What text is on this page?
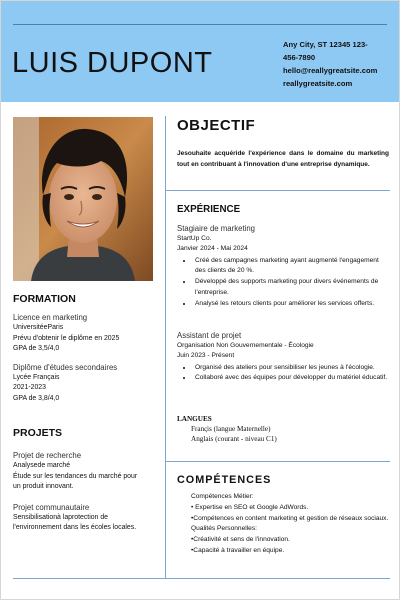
LUIS DUPONT
Any City, ST 12345 123-
456-7890
hello@reallygreatsite.com
reallygreatsite.com
FORMATION
Licence en marketing
UniversitéeParis
Prévu d'obtenir le diplôme en 2025
GPA de 3,5/4,0
Diplôme d'études secondaires
Lycée Français
2021-2023
GPA de 3,8/4,0
PROJETS
Projet de recherche
Analysede marché
Étude sur les tendances du marché pour
un produit innovant.
Projet communautaire
Sensibilisationà laprotection de
l'environnement dans les écoles locales.
OBJECTIF
Jesouhaite acquéride l'expérience dans le domaine du marketing tout en contribuant à l'innovation d'une entreprise dynamique.
EXPÉRIENCE
Stagiaire de marketing
StartUp Co.
Janvier 2024 - Mai 2024
• Créé des campagnes marketing ayant augmenté l'engagement des clients de 20 %.
• Développé des supports marketing pour divers événements de l'entreprise.
• Analysé les retours clients pour améliorer les services offerts.
Assistant de projet
Organisation Non Gouvernementale - Écologie
Juin 2023 - Présent
• Organisé des ateliers pour sensibiliser les jeunes à l'écologie.
• Collaboré avec des équipes pour développer du matériel éducatif.
LANGUES
Franςis (langue Maternelle)
Anglais (courant - niveau C1)
COMPÉTENCES
Compétences Métier:
• Expertise en SEO et Google AdWords.
•Compétences en content marketing et gestion de réseaux sociaux.
Qualités Personnelles:
•Créativité et sens de l'innovation.
•Capacité à travailler en équipe.
